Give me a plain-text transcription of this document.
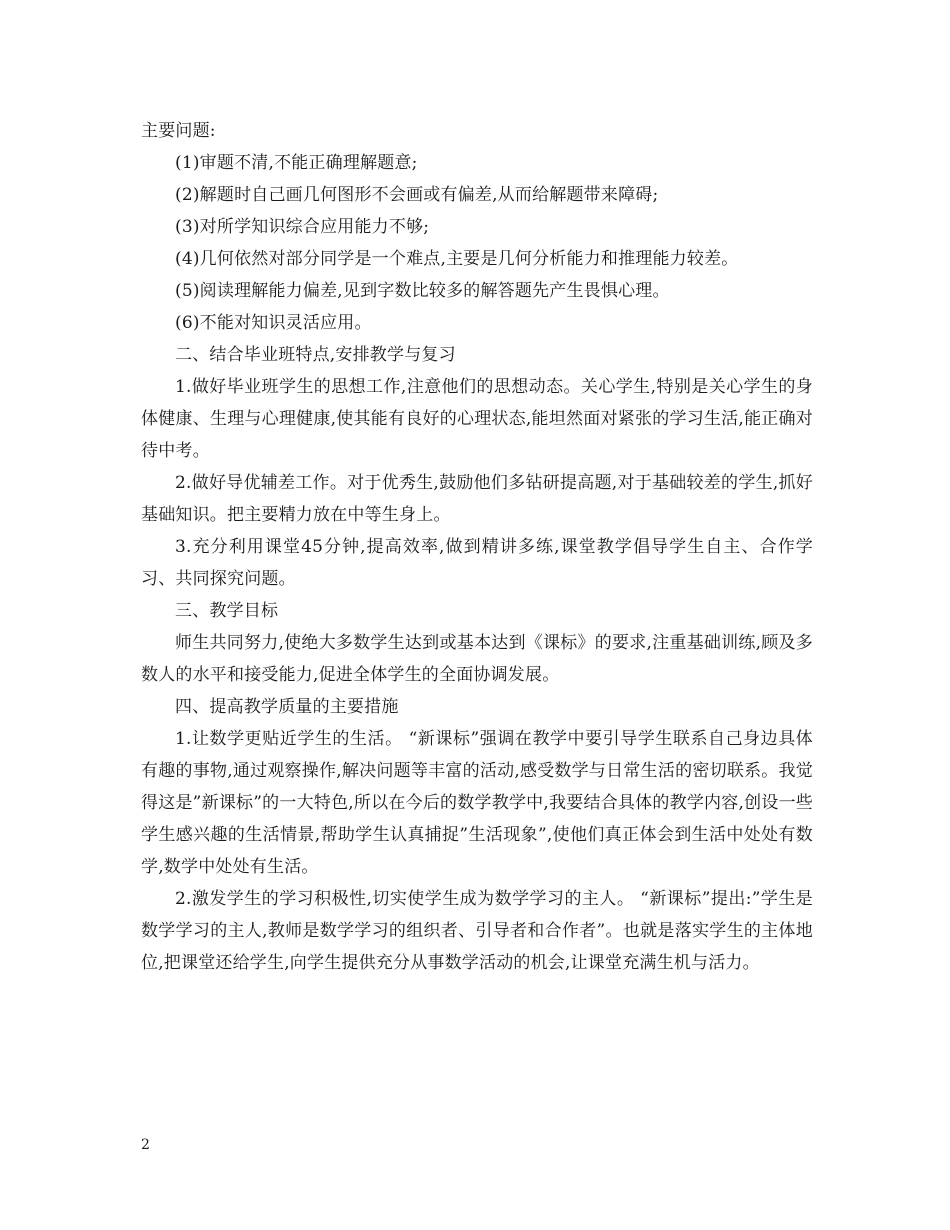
主要问题:

(1)审题不清,不能正确理解题意;

(2)解题时自己画几何图形不会画或有偏差,从而给解题带来障碍;

(3)对所学知识综合应用能力不够;

(4)几何依然对部分同学是一个难点,主要是几何分析能力和推理能力较差。

(5)阅读理解能力偏差,见到字数比较多的解答题先产生畏惧心理。

(6)不能对知识灵活应用。

二、结合毕业班特点,安排教学与复习

1.做好毕业班学生的思想工作,注意他们的思想动态。关心学生,特别是关心学生的身体健康、生理与心理健康,使其能有良好的心理状态,能坦然面对紧张的学习生活,能正确对待中考。

2.做好导优辅差工作。对于优秀生,鼓励他们多钻研提高题,对于基础较差的学生,抓好基础知识。把主要精力放在中等生身上。

3.充分利用课堂45分钟,提高效率,做到精讲多练,课堂教学倡导学生自主、合作学习、共同探究问题。

三、教学目标

师生共同努力,使绝大多数学生达到或基本达到《课标》的要求,注重基础训练,顾及多数人的水平和接受能力,促进全体学生的全面协调发展。

四、提高教学质量的主要措施

1.让数学更贴近学生的生活。 “新课标”强调在教学中要引导学生联系自己身边具体有趣的事物,通过观察操作,解决问题等丰富的活动,感受数学与日常生活的密切联系。我觉得这是”新课标”的一大特色,所以在今后的数学教学中,我要结合具体的教学内容,创设一些学生感兴趣的生活情景,帮助学生认真捕捉”生活现象”,使他们真正体会到生活中处处有数学,数学中处处有生活。

2.激发学生的学习积极性,切实使学生成为数学学习的主人。 “新课标”提出:”学生是数学学习的主人,教师是数学学习的组织者、引导者和合作者”。也就是落实学生的主体地位,把课堂还给学生,向学生提供充分从事数学活动的机会,让课堂充满生机与活力。

2
